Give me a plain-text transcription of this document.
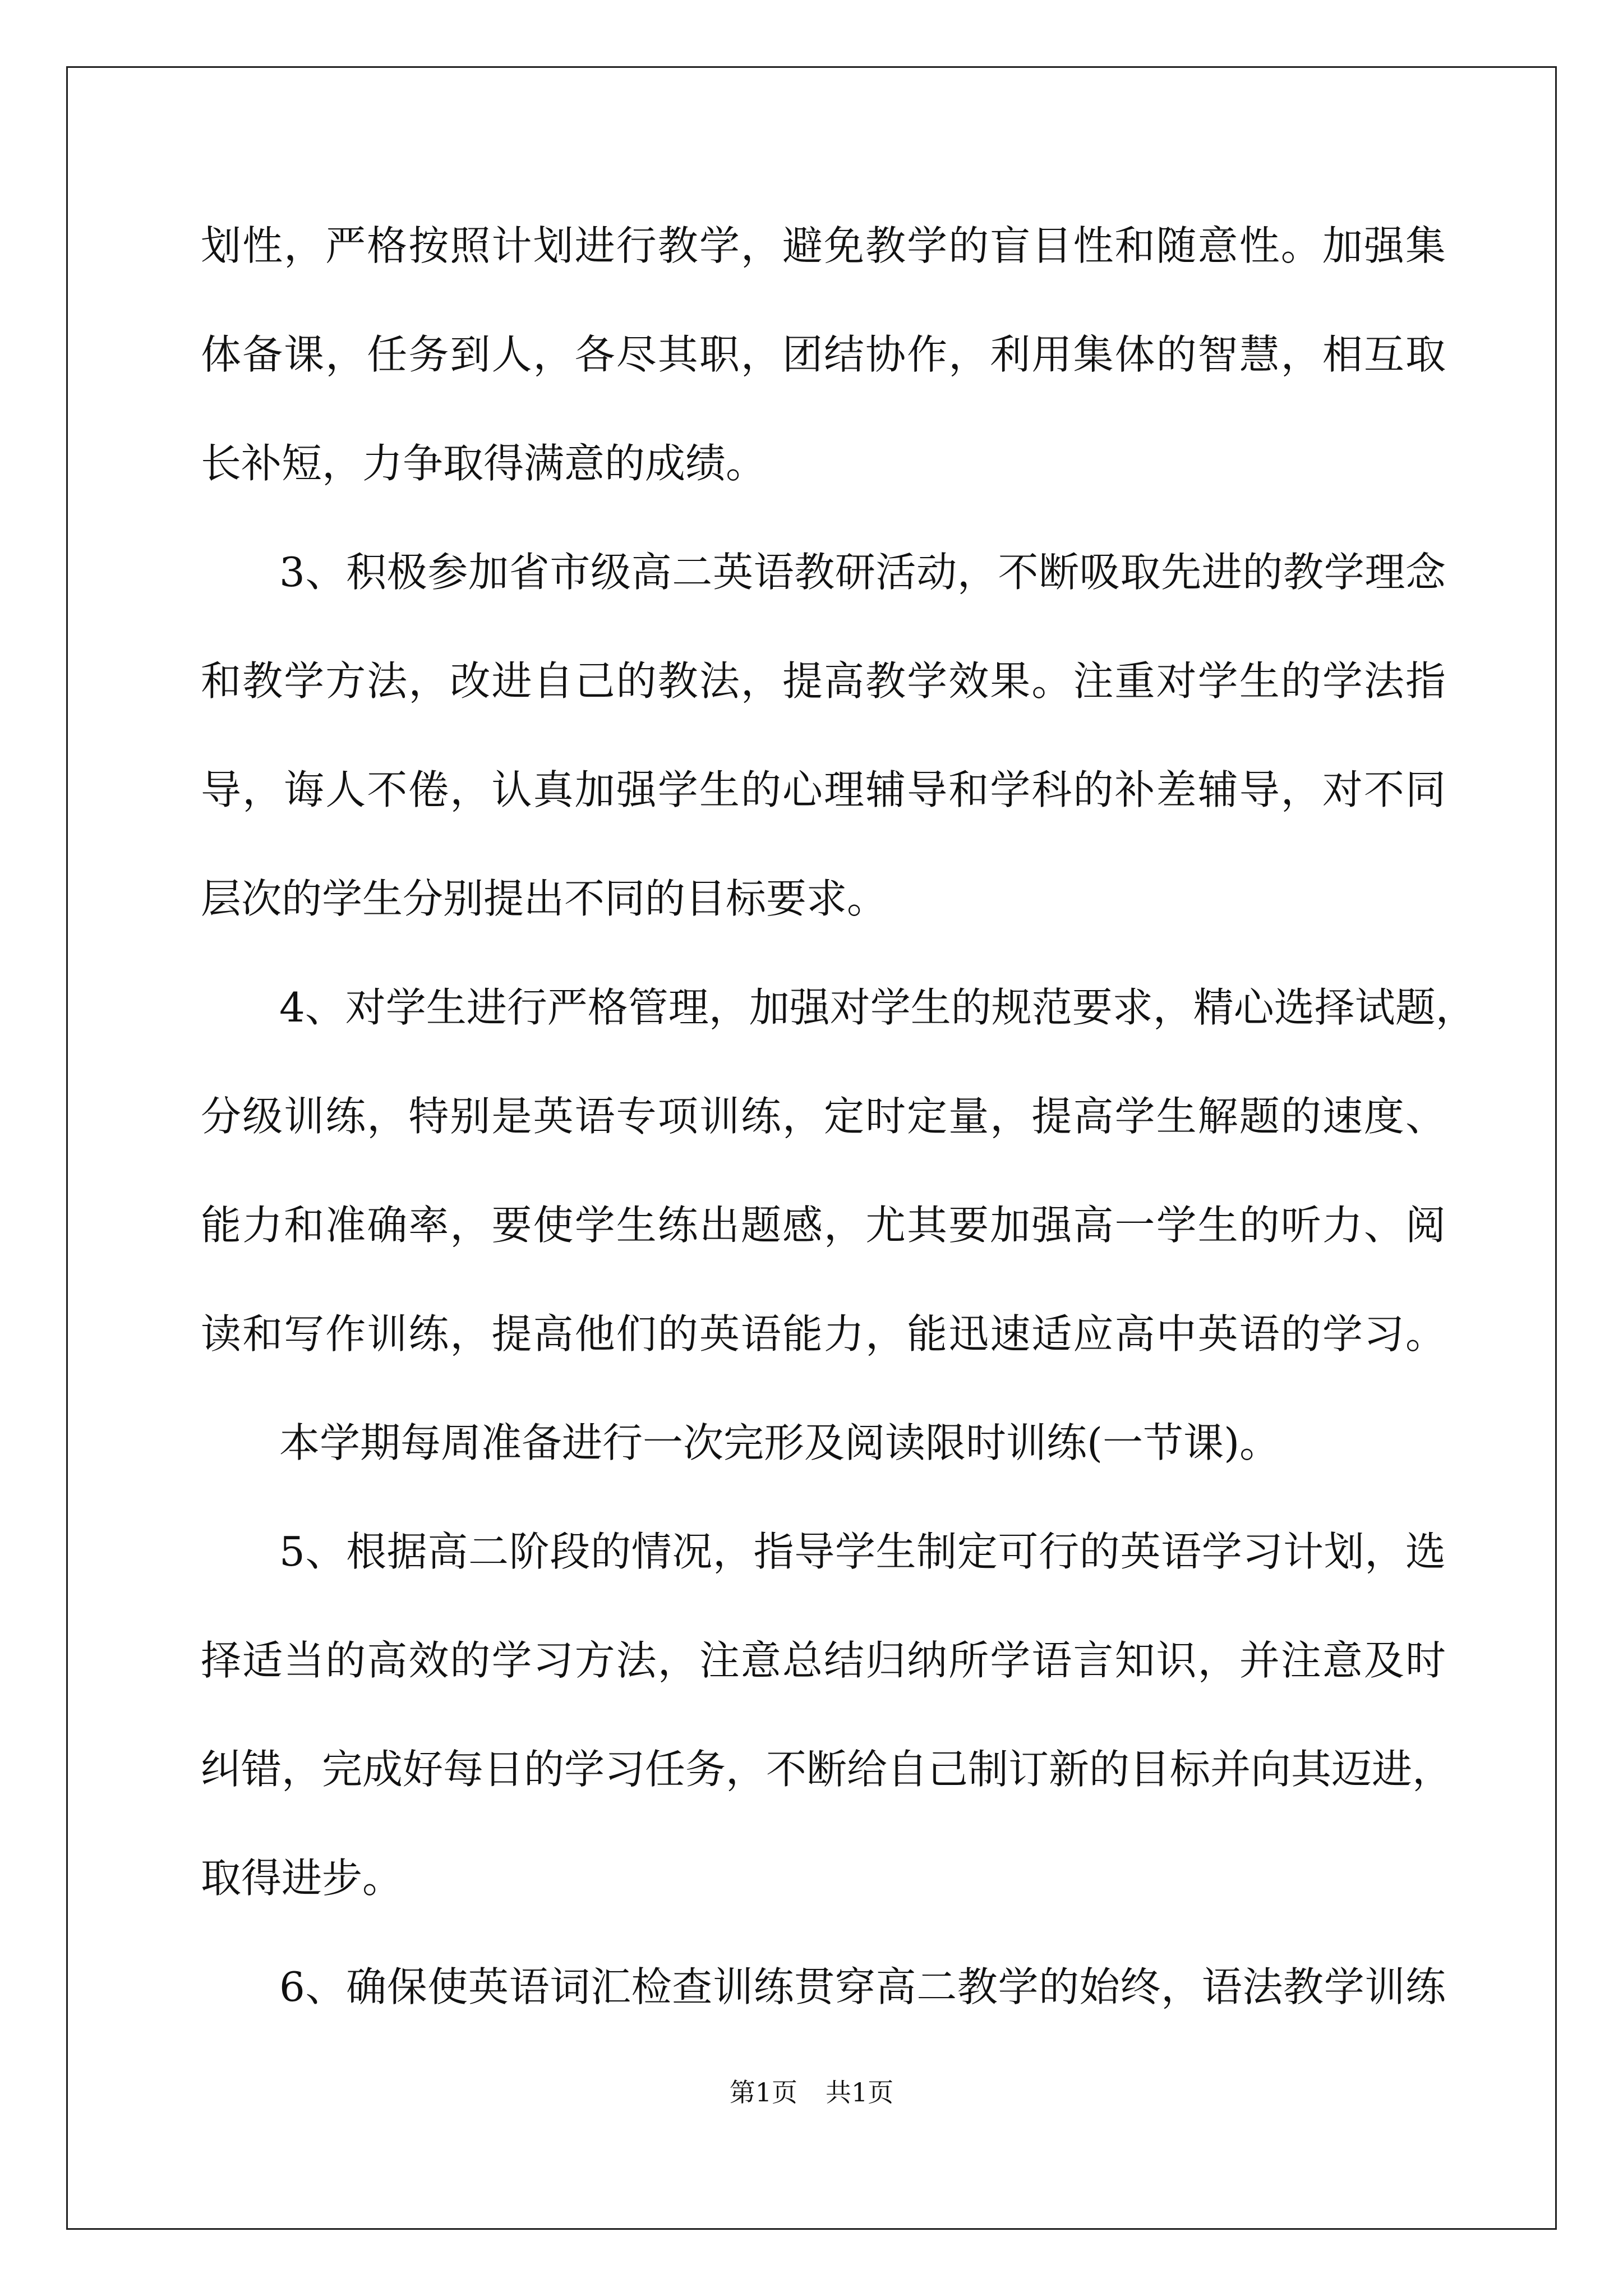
划性，严格按照计划进行教学，避免教学的盲目性和随意性。加强集
体备课，任务到人，各尽其职，团结协作，利用集体的智慧，相互取
长补短，力争取得满意的成绩。
3、积极参加省市级高二英语教研活动，不断吸取先进的教学理念
和教学方法，改进自己的教法，提高教学效果。注重对学生的学法指
导，诲人不倦，认真加强学生的心理辅导和学科的补差辅导，对不同
层次的学生分别提出不同的目标要求。
4、对学生进行严格管理，加强对学生的规范要求，精心选择试题，
分级训练，特别是英语专项训练，定时定量，提高学生解题的速度、
能力和准确率，要使学生练出题感，尤其要加强高一学生的听力、阅
读和写作训练，提高他们的英语能力，能迅速适应高中英语的学习。
本学期每周准备进行一次完形及阅读限时训练(一节课)。
5、根据高二阶段的情况，指导学生制定可行的英语学习计划，选
择适当的高效的学习方法，注意总结归纳所学语言知识，并注意及时
纠错，完成好每日的学习任务，不断给自己制订新的目标并向其迈进，
取得进步。
6、确保使英语词汇检查训练贯穿高二教学的始终，语法教学训练
第1页 共1页
